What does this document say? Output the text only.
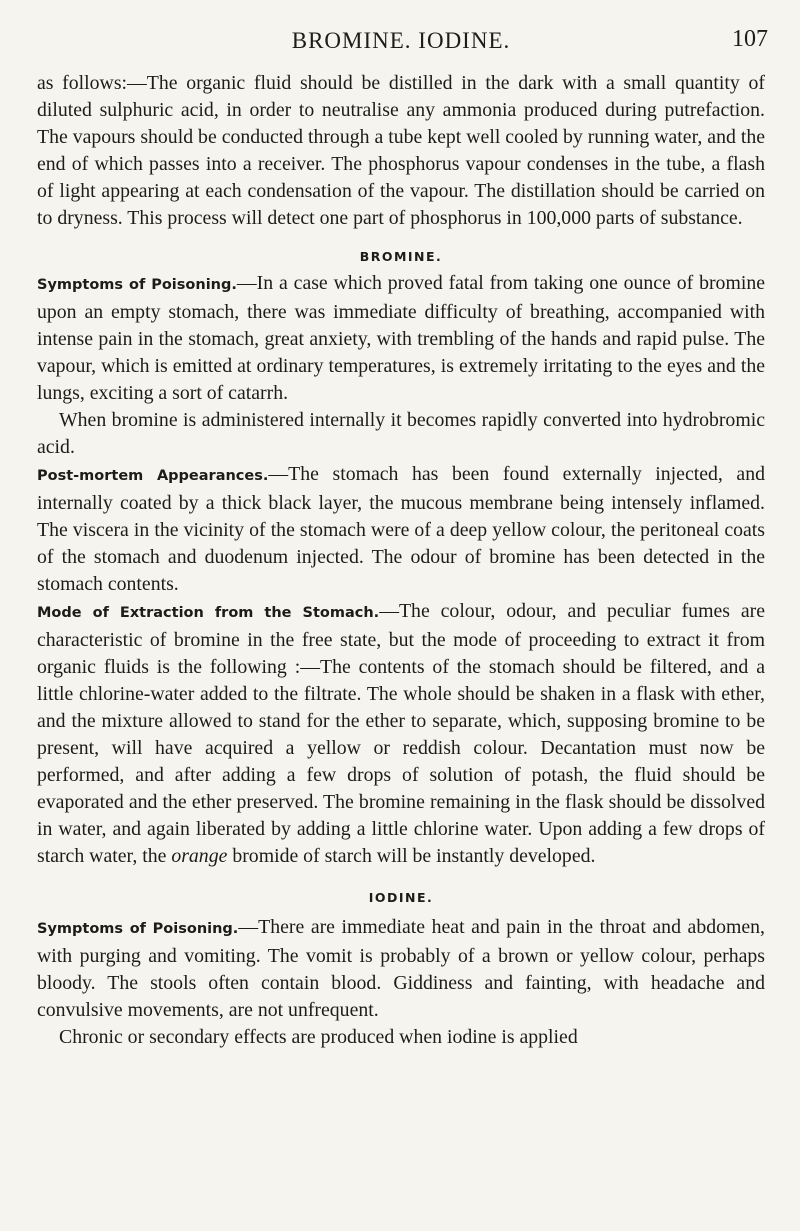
BROMINE. IODINE.	107

as follows:—The organic fluid should be distilled in the dark with a small quantity of diluted sulphuric acid, in order to neutralise any ammonia produced during putrefaction. The vapours should be conducted through a tube kept well cooled by running water, and the end of which passes into a receiver. The phosphorus vapour condenses in the tube, a flash of light appearing at each condensation of the vapour. The distillation should be carried on to dryness. This process will detect one part of phosphorus in 100,000 parts of substance.

BROMINE.

Symptoms of Poisoning.—In a case which proved fatal from taking one ounce of bromine upon an empty stomach, there was immediate difficulty of breathing, accompanied with intense pain in the stomach, great anxiety, with trembling of the hands and rapid pulse. The vapour, which is emitted at ordinary temperatures, is extremely irritating to the eyes and the lungs, exciting a sort of catarrh.

When bromine is administered internally it becomes rapidly converted into hydrobromic acid.

Post-mortem Appearances.—The stomach has been found externally injected, and internally coated by a thick black layer, the mucous membrane being intensely inflamed. The viscera in the vicinity of the stomach were of a deep yellow colour, the peritoneal coats of the stomach and duodenum injected. The odour of bromine has been detected in the stomach contents.

Mode of Extraction from the Stomach.—The colour, odour, and peculiar fumes are characteristic of bromine in the free state, but the mode of proceeding to extract it from organic fluids is the following :—The contents of the stomach should be filtered, and a little chlorine-water added to the filtrate. The whole should be shaken in a flask with ether, and the mixture allowed to stand for the ether to separate, which, supposing bromine to be present, will have acquired a yellow or reddish colour. Decantation must now be performed, and after adding a few drops of solution of potash, the fluid should be evaporated and the ether preserved. The bromine remaining in the flask should be dissolved in water, and again liberated by adding a little chlorine water. Upon adding a few drops of starch water, the orange bromide of starch will be instantly developed.

IODINE.

Symptoms of Poisoning.—There are immediate heat and pain in the throat and abdomen, with purging and vomiting. The vomit is probably of a brown or yellow colour, perhaps bloody. The stools often contain blood. Giddiness and fainting, with headache and convulsive movements, are not unfrequent.

Chronic or secondary effects are produced when iodine is applied
